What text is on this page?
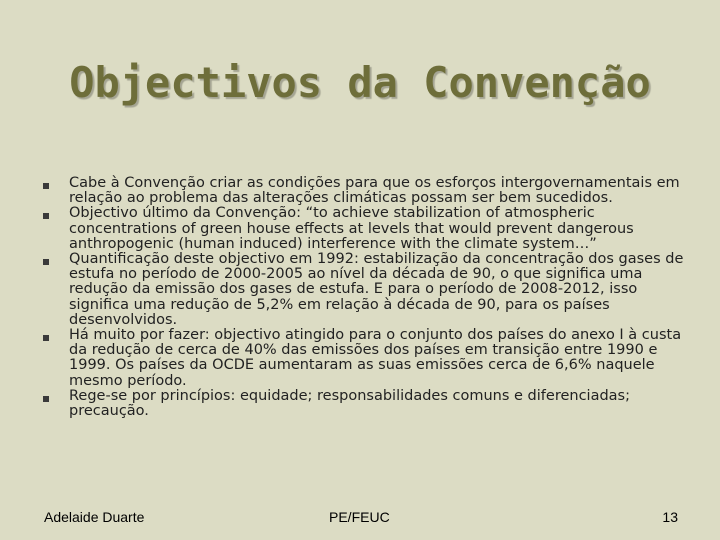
Objectivos da Convenção
Cabe à Convenção criar as condições para que os esforços intergovernamentais em relação ao problema das alterações climáticas possam ser bem sucedidos.
Objectivo último da Convenção: “to achieve stabilization of atmospheric concentrations of green house effects at levels that would prevent dangerous anthropogenic (human induced) interference with the climate system…”
Quantificação deste objectivo em 1992: estabilização da concentração dos gases de estufa no período de 2000-2005 ao nível da década de 90, o que significa uma redução da emissão dos gases de estufa. E para o período de 2008-2012, isso significa uma redução de 5,2% em relação à década de 90, para os países desenvolvidos.
Há muito por fazer: objectivo atingido para o conjunto dos países do anexo I à custa da redução de cerca de 40% das emissões dos países em transição entre 1990 e 1999. Os países da OCDE aumentaram as suas emissões cerca de 6,6% naquele mesmo período.
Rege-se por princípios: equidade; responsabilidades comuns e diferenciadas; precaução.
Adelaide Duarte	PE/FEUC	13
